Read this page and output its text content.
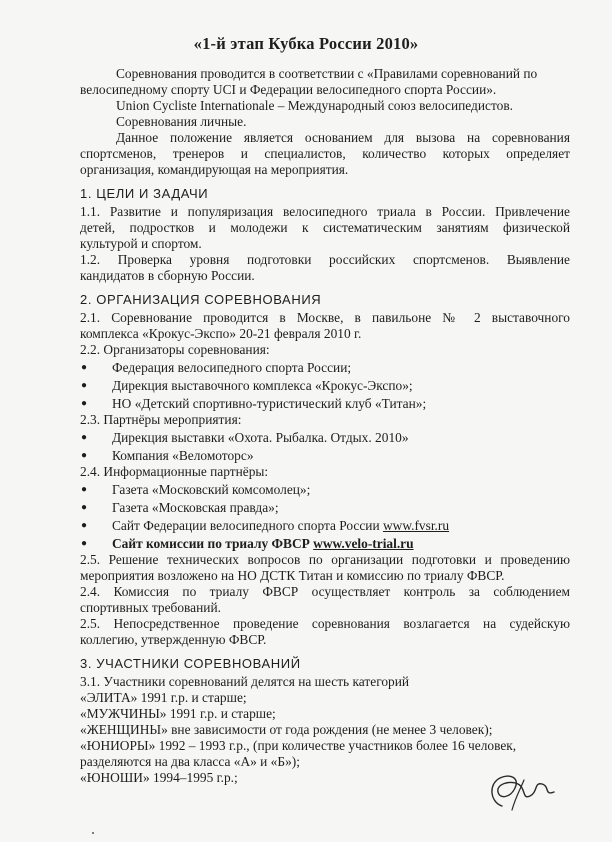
«1-й этап Кубка России 2010»
Соревнования проводится в соответствии с «Правилами соревнований по
велосипедному спорту UCI и Федерации велосипедного спорта России».
Union Cycliste Internationale – Международный союз велосипедистов.
Соревнования личные.
Данное положение является основанием для вызова на соревнования
спортсменов, тренеров и специалистов, количество которых определяет
организация, командирующая на мероприятия.
1. ЦЕЛИ И ЗАДАЧИ
1.1. Развитие и популяризация велосипедного триала в России. Привлечение
детей, подростков и молодежи к систематическим занятиям физической
культурой и спортом.
1.2. Проверка уровня подготовки российских спортсменов. Выявление
кандидатов в сборную России.
2. ОРГАНИЗАЦИЯ СОРЕВНОВАНИЯ
2.1. Соревнование проводится в Москве, в павильоне № 2 выставочного
комплекса «Крокус-Экспо» 20-21 февраля 2010 г.
2.2. Организаторы соревнования:
● Федерация велосипедного спорта России;
● Дирекция выставочного комплекса «Крокус-Экспо»;
● НО «Детский спортивно-туристический клуб «Титан»;
2.3. Партнёры мероприятия:
● Дирекция выставки «Охота. Рыбалка. Отдых. 2010»
● Компания «Веломоторс»
2.4. Информационные партнёры:
● Газета «Московский комсомолец»;
● Газета «Московская правда»;
● Сайт Федерации велосипедного спорта России www.fvsr.ru
● Сайт комиссии по триалу ФВСР www.velo-trial.ru
2.5. Решение технических вопросов по организации подготовки и проведению
мероприятия возложено на НО ДСТК Титан и комиссию по триалу ФВСР.
2.4. Комиссия по триалу ФВСР осуществляет контроль за соблюдением
спортивных требований.
2.5. Непосредственное проведение соревнования возлагается на судейскую
коллегию, утвержденную ФВСР.
3. УЧАСТНИКИ СОРЕВНОВАНИЙ
3.1. Участники соревнований делятся на шесть категорий
«ЭЛИТА» 1991 г.р. и старше;
«МУЖЧИНЫ» 1991 г.р. и старше;
«ЖЕНЩИНЫ» вне зависимости от года рождения (не менее 3 человек);
«ЮНИОРЫ» 1992 – 1993 г.р., (при количестве участников более 16 человек,
разделяются на два класса «А» и «Б»);
«ЮНОШИ» 1994–1995 г.р.;
